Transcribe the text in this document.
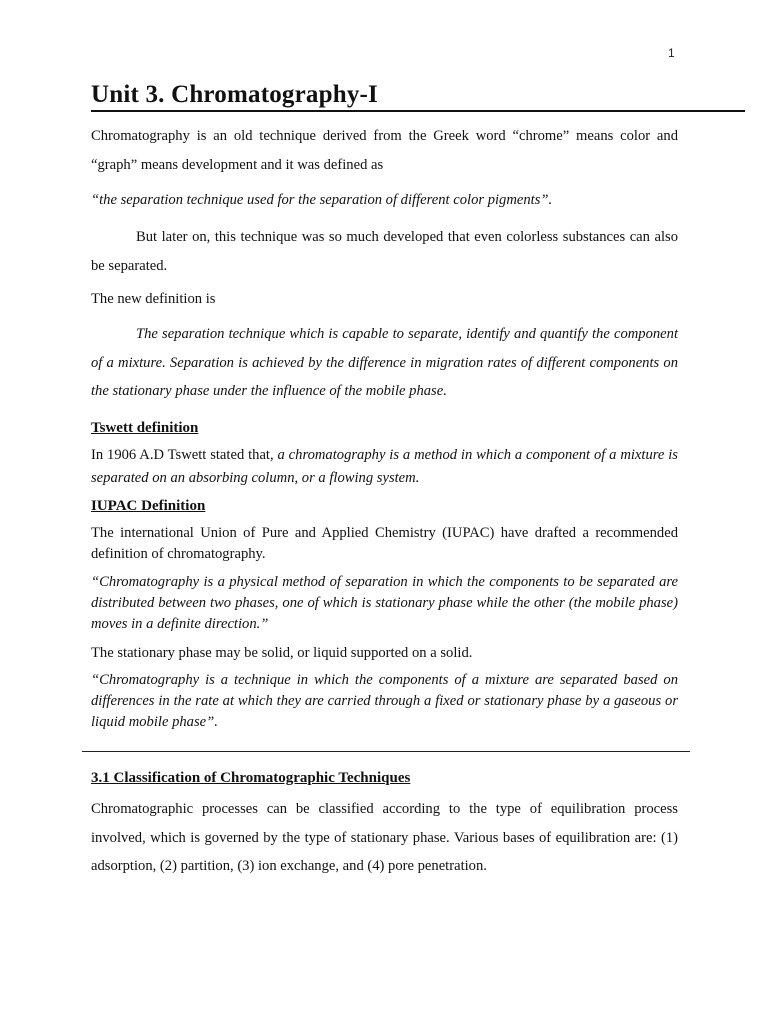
1
Unit 3. Chromatography-I
Chromatography is an old technique derived from the Greek word “chrome” means color and “graph” means development and it was defined as
“the separation technique used for the separation of different color pigments”.
But later on, this technique was so much developed that even colorless substances can also be separated.
The new definition is
The separation technique which is capable to separate, identify and quantify the component of a mixture. Separation is achieved by the difference in migration rates of different components on the stationary phase under the influence of the mobile phase.
Tswett definition
In 1906 A.D Tswett stated that, a chromatography is a method in which a component of a mixture is separated on an absorbing column, or a flowing system.
IUPAC Definition
The international Union of Pure and Applied Chemistry (IUPAC) have drafted a recommended definition of chromatography.
“Chromatography is a physical method of separation in which the components to be separated are distributed between two phases, one of which is stationary phase while the other (the mobile phase) moves in a definite direction.”
The stationary phase may be solid, or liquid supported on a solid.
“Chromatography is a technique in which the components of a mixture are separated based on differences in the rate at which they are carried through a fixed or stationary phase by a gaseous or liquid mobile phase”.
3.1 Classification of Chromatographic Techniques
Chromatographic processes can be classified according to the type of equilibration process involved, which is governed by the type of stationary phase. Various bases of equilibration are: (1) adsorption, (2) partition, (3) ion exchange, and (4) pore penetration.
